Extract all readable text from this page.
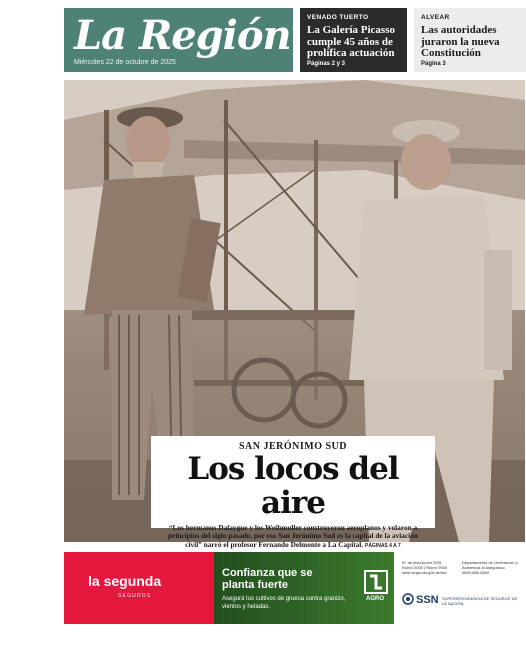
La Región
Miércoles 22 de octubre de 2025
VENADO TUERTO
La Galería Picasso cumple 45 años de prolífica actuación
Páginas 2 y 3
ALVEAR
Las autoridades juraron la nueva Constitución
Página 3
SAN JERÓNIMO SUD
Los locos del aire
“Los hermanos Dalaygue y los Weihmuller construyeron aeroplanos y volaron a principios del siglo pasado, por eso San Jerónimo Sud es la capital de la aviación civil” narró el profesor Fernando Delmonte a La Capital. PÁGINAS 4 A 7
la segunda
SEGUROS
Confianza que se planta fuerte
Asegurá tus cultivos de gruesa contra granizo, vientos y heladas.
AGRO
N° de inscripción SSN
Rubro 0000 | Rubro 0000
www.segunda.gob.ar/ssn
Departamento de Orientación y Asistencia al Asegurado
0800-666-8400
SSN SUPERINTENDENCIA DE SEGUROS DE LA NACIÓN
